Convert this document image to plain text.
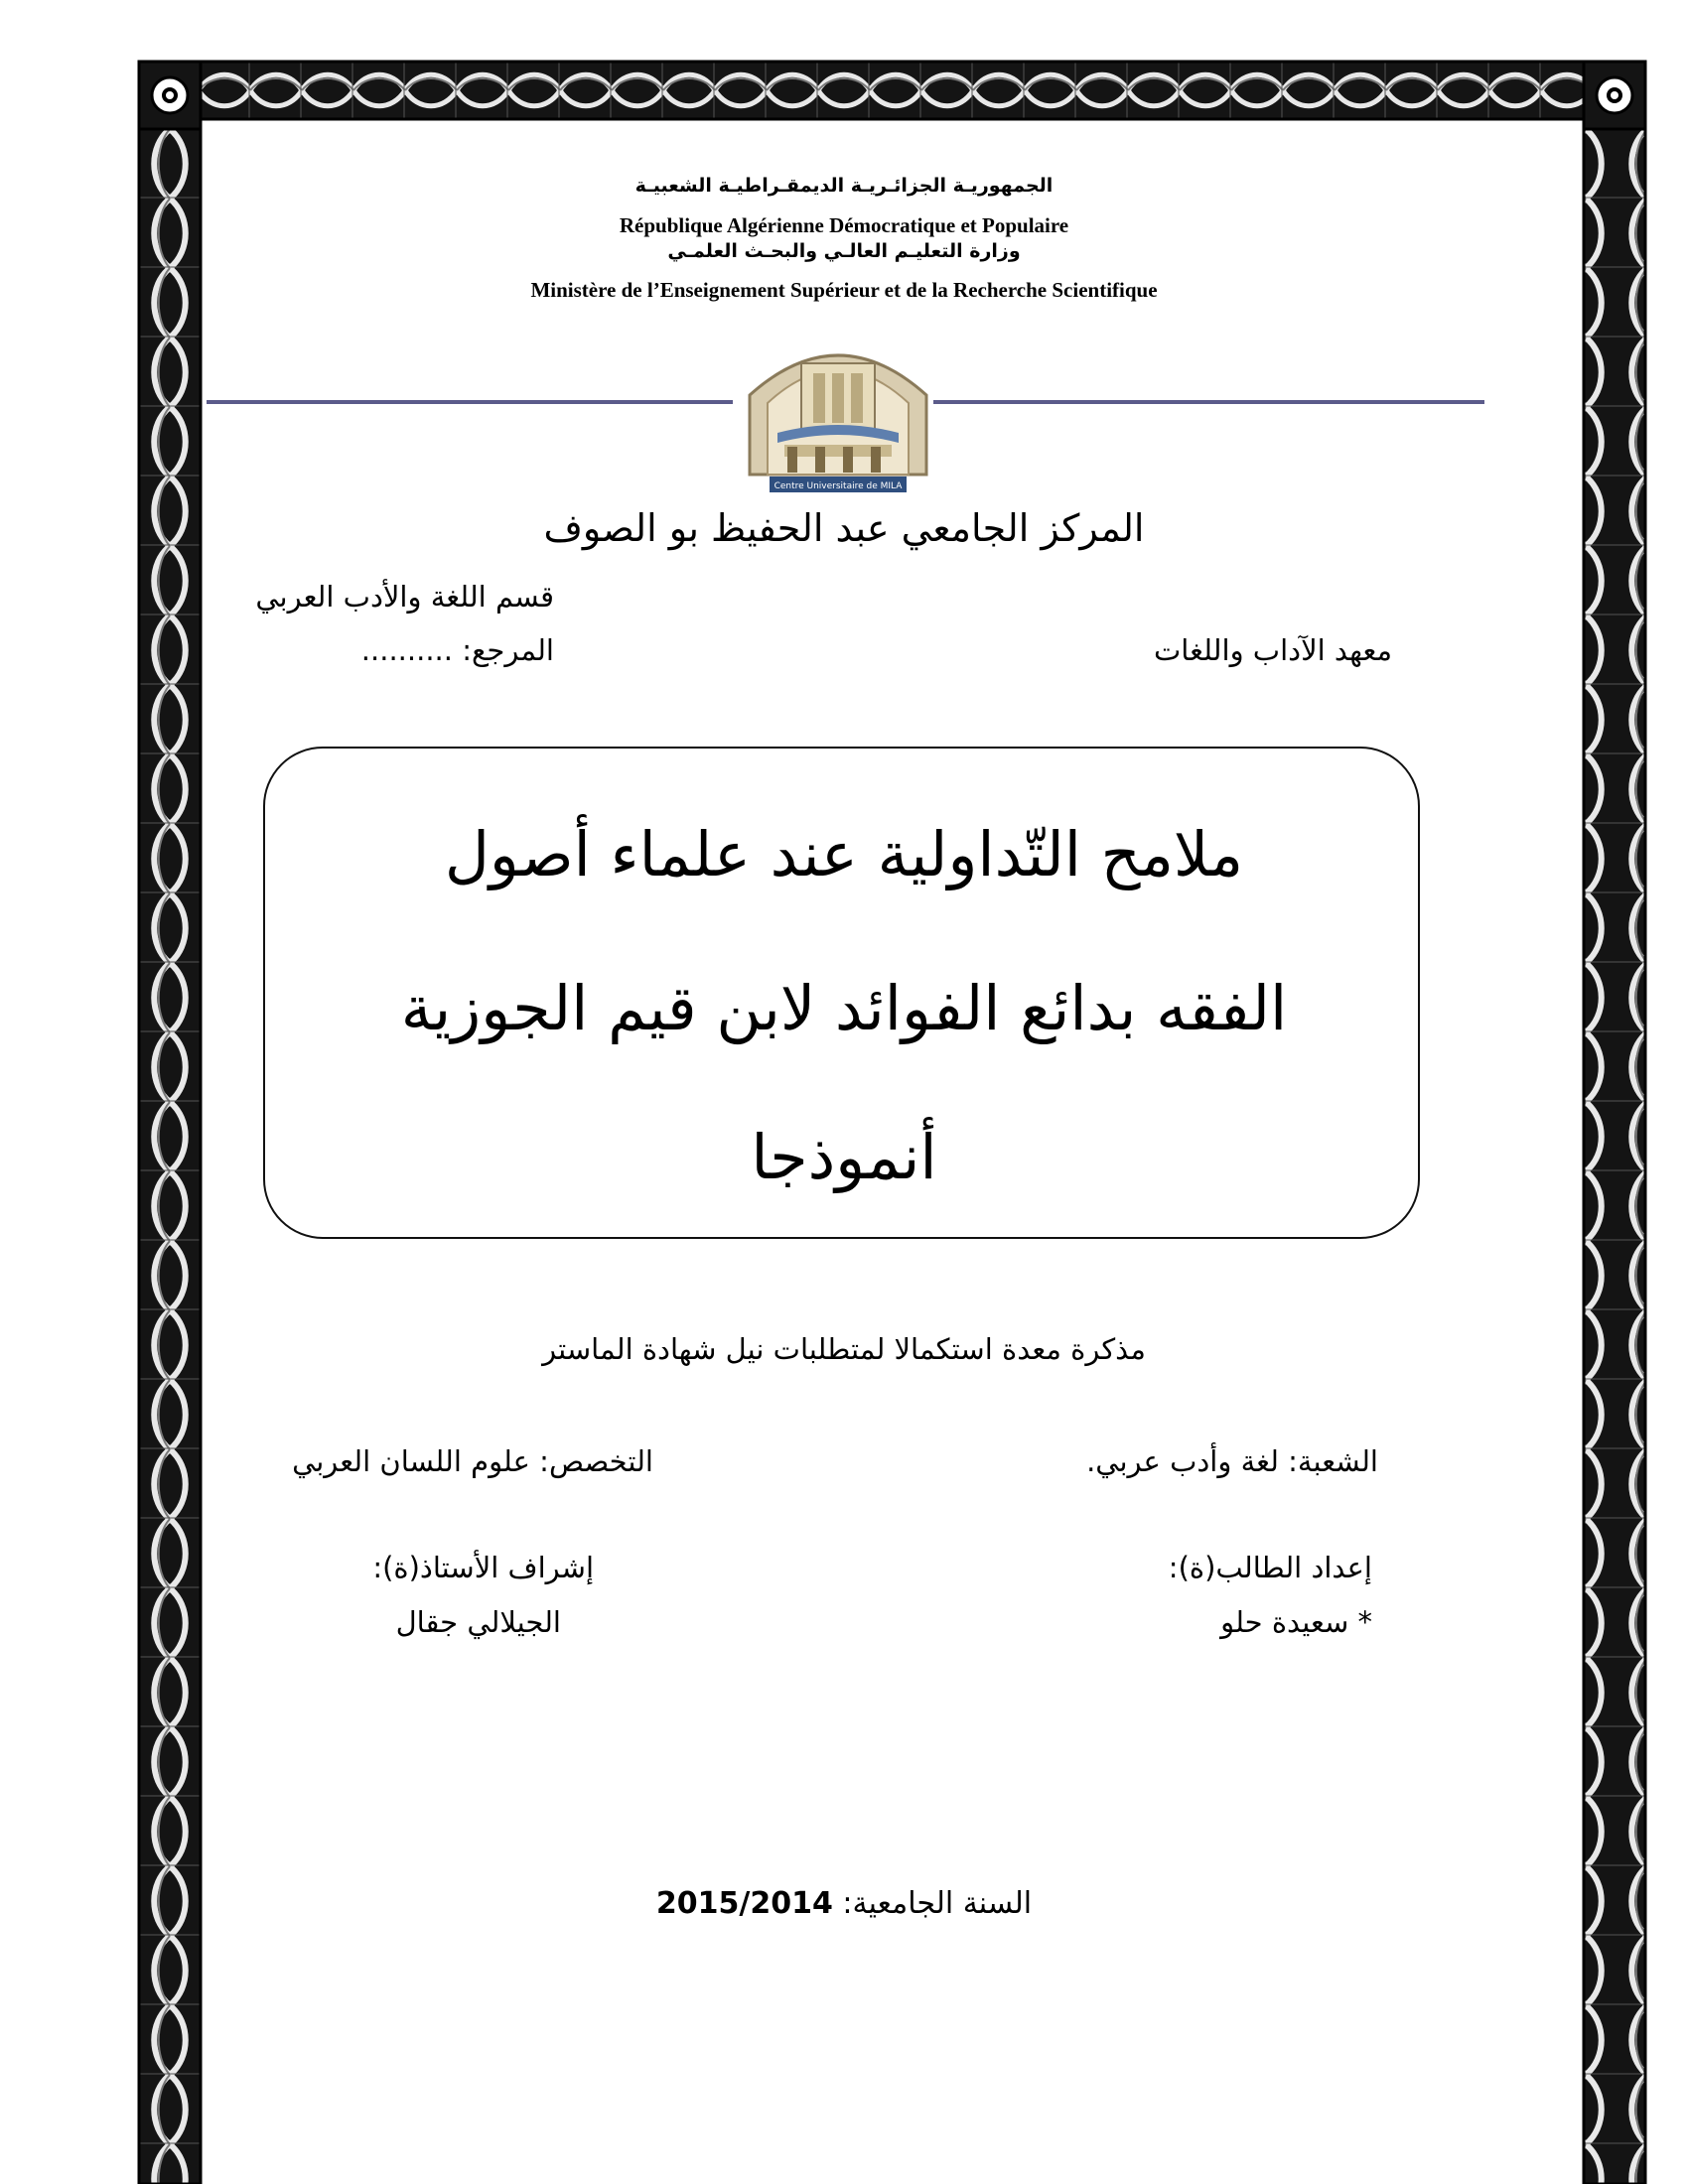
الجمهوريـة الجزائـريـة الديمقـراطيـة الشعبيـة
République Algérienne Démocratique et Populaire
وزارة التعليـم العالـي والبحـث العلمـي
Ministère de l’Enseignement Supérieur et de la Recherche Scientifique
Centre Universitaire de MILA
المركز الجامعي عبد الحفيظ بو الصوف
قسم اللغة والأدب العربي
المرجع: ..........	معهد الآداب واللغات
ملامح التّداولية عند علماء أصول
الفقه بدائع الفوائد لابن قيم الجوزية
أنموذجا
مذكرة معدة استكمالا لمتطلبات نيل شهادة الماستر
الشعبة: لغة وأدب عربي.
التخصص: علوم اللسان العربي
إعداد الطالب(ة):
* سعيدة حلو
إشراف الأستاذ(ة):
الجيلالي جقال
السنة الجامعية: 2015/2014
